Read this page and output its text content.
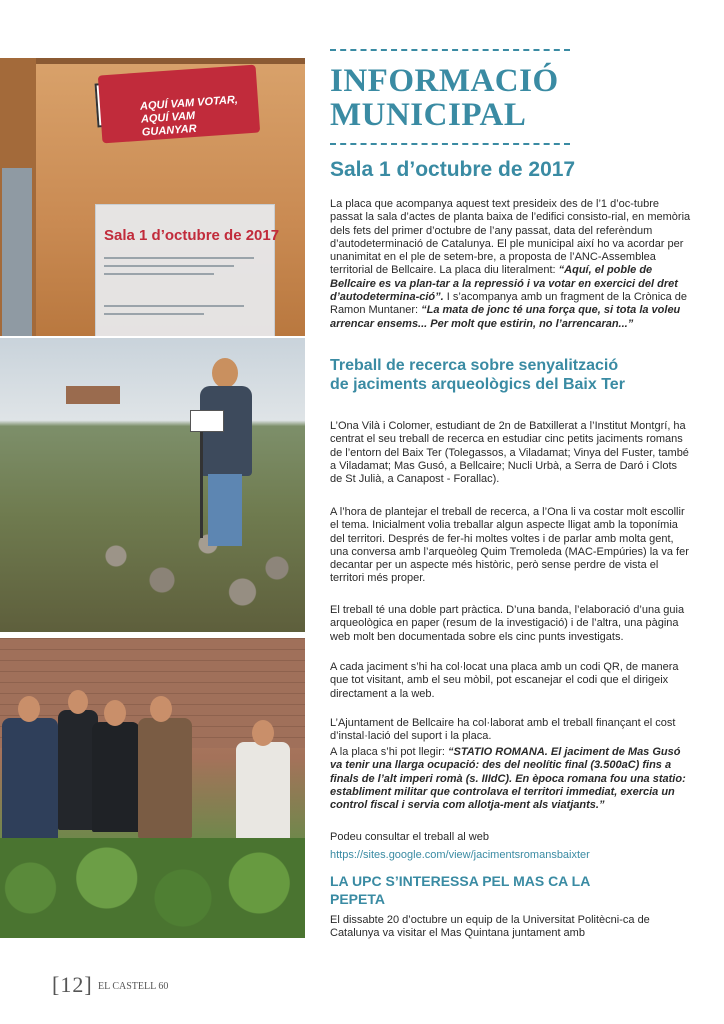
AQUÍ VAM VOTAR, AQUÍ VAM GUANYAR
Sala 1 d’octubre de 2017
INFORMACIÓ MUNICIPAL
Sala 1 d’octubre de 2017
La placa que acompanya aquest text presideix des de l’1 d’oc-tubre passat la sala d’actes de planta baixa de l’edifici consisto-rial, en memòria dels fets del primer d’octubre de l’any passat, data del referèndum d’autodeterminació de Catalunya. El ple municipal així ho va acordar per unanimitat en el ple de setem-bre, a proposta de l’ANC-Assemblea territorial de Bellcaire. La placa diu literalment: “Aquí, el poble de Bellcaire es va plan-tar a la repressió i va votar en exercici del dret d’autodetermina-ció”. I s’acompanya amb un fragment de la Crònica de Ramon Muntaner: “La mata de jonc té una força que, si tota la voleu arrencar ensems... Per molt que estirin, no l’arrencaran...”
Treball de recerca sobre senyalització de jaciments arqueològics del Baix Ter
L’Ona Vilà i Colomer, estudiant de 2n de Batxillerat a l’Institut Montgrí, ha centrat el seu treball de recerca en estudiar cinc petits jaciments romans de l’entorn del Baix Ter (Tolegassos, a Viladamat; Vinya del Fuster, també a Viladamat; Mas Gusó, a Bellcaire; Nucli Urbà, a Serra de Daró i Clots de St Julià, a Canapost - Forallac).
A l’hora de plantejar el treball de recerca, a l’Ona li va costar molt escollir el tema. Inicialment volia treballar algun aspecte lligat amb la toponímia del territori. Després de fer-hi moltes voltes i de parlar amb molta gent, una conversa amb l’arqueòleg Quim Tremoleda (MAC-Empúries) la va fer decantar per un aspecte més històric, però sense perdre de vista el territori més proper.
El treball té una doble part pràctica. D’una banda, l’elaboració d’una guia arqueològica en paper (resum de la investigació) i de l’altra, una pàgina web molt ben documentada sobre els cinc punts investigats.
A cada jaciment s’hi ha col·locat una placa amb un codi QR, de manera que tot visitant, amb el seu mòbil, pot escanejar el codi que el dirigeix directament a la web.
L’Ajuntament de Bellcaire ha col·laborat amb el treball finançant el cost d’instal·lació del suport i la placa.
A la placa s’hi pot llegir: “STATIO ROMANA. El jaciment de Mas Gusó va tenir una llarga ocupació: des del neolític final (3.500aC) fins a finals de l’alt imperi romà (s. IIIdC). En època romana fou una statio: establiment militar que controlava el territori immediat, exercia un control fiscal i servia com allotja-ment als viatjants.”
Podeu consultar el treball al web
https://sites.google.com/view/jacimentsromansbaixter
LA UPC S’INTERESSA PEL MAS CA LA PEPETA
El dissabte 20 d’octubre un equip de la Universitat Politècni-ca de Catalunya va visitar el Mas Quintana juntament amb
[12] EL CASTELL 60
